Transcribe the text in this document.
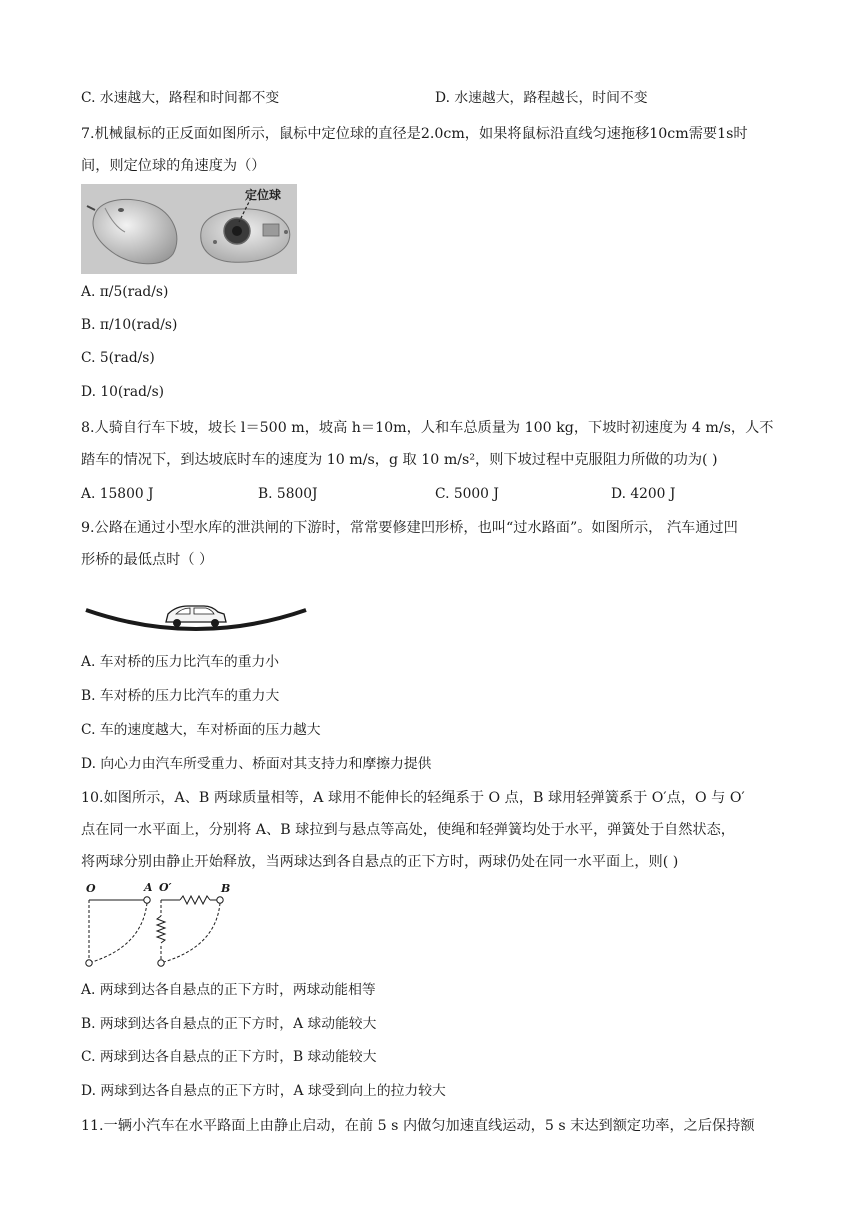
C. 水速越大，路程和时间都不变	D. 水速越大，路程越长，时间不变
7.机械鼠标的正反面如图所示，鼠标中定位球的直径是2.0cm，如果将鼠标沿直线匀速拖移10cm需要1s时
间，则定位球的角速度为（）
定位球
A. π/5(rad/s)
B. π/10(rad/s)
C. 5(rad/s)
D. 10(rad/s)
8.人骑自行车下坡，坡长 l＝500 m，坡高 h＝10m，人和车总质量为 100 kg，下坡时初速度为 4 m/s，人不
踏车的情况下，到达坡底时车的速度为 10 m/s，g 取 10 m/s²，则下坡过程中克服阻力所做的功为( )
A. 15800 J	B. 5800J	C. 5000 J	D. 4200 J
9.公路在通过小型水库的泄洪闸的下游时，常常要修建凹形桥，也叫“过水路面”。如图所示， 汽车通过凹
形桥的最低点时（ ）
A. 车对桥的压力比汽车的重力小
B. 车对桥的压力比汽车的重力大
C. 车的速度越大，车对桥面的压力越大
D. 向心力由汽车所受重力、桥面对其支持力和摩擦力提供
10.如图所示，A、B 两球质量相等，A 球用不能伸长的轻绳系于 O 点，B 球用轻弹簧系于 O′点，O 与 O′
点在同一水平面上，分别将 A、B 球拉到与悬点等高处，使绳和轻弹簧均处于水平，弹簧处于自然状态，
将两球分别由静止开始释放，当两球达到各自悬点的正下方时，两球仍处在同一水平面上，则( )
O	A O′	B
A. 两球到达各自悬点的正下方时，两球动能相等
B. 两球到达各自悬点的正下方时，A 球动能较大
C. 两球到达各自悬点的正下方时，B 球动能较大
D. 两球到达各自悬点的正下方时，A 球受到向上的拉力较大
11.一辆小汽车在水平路面上由静止启动，在前 5 s 内做匀加速直线运动，5 s 末达到额定功率，之后保持额
